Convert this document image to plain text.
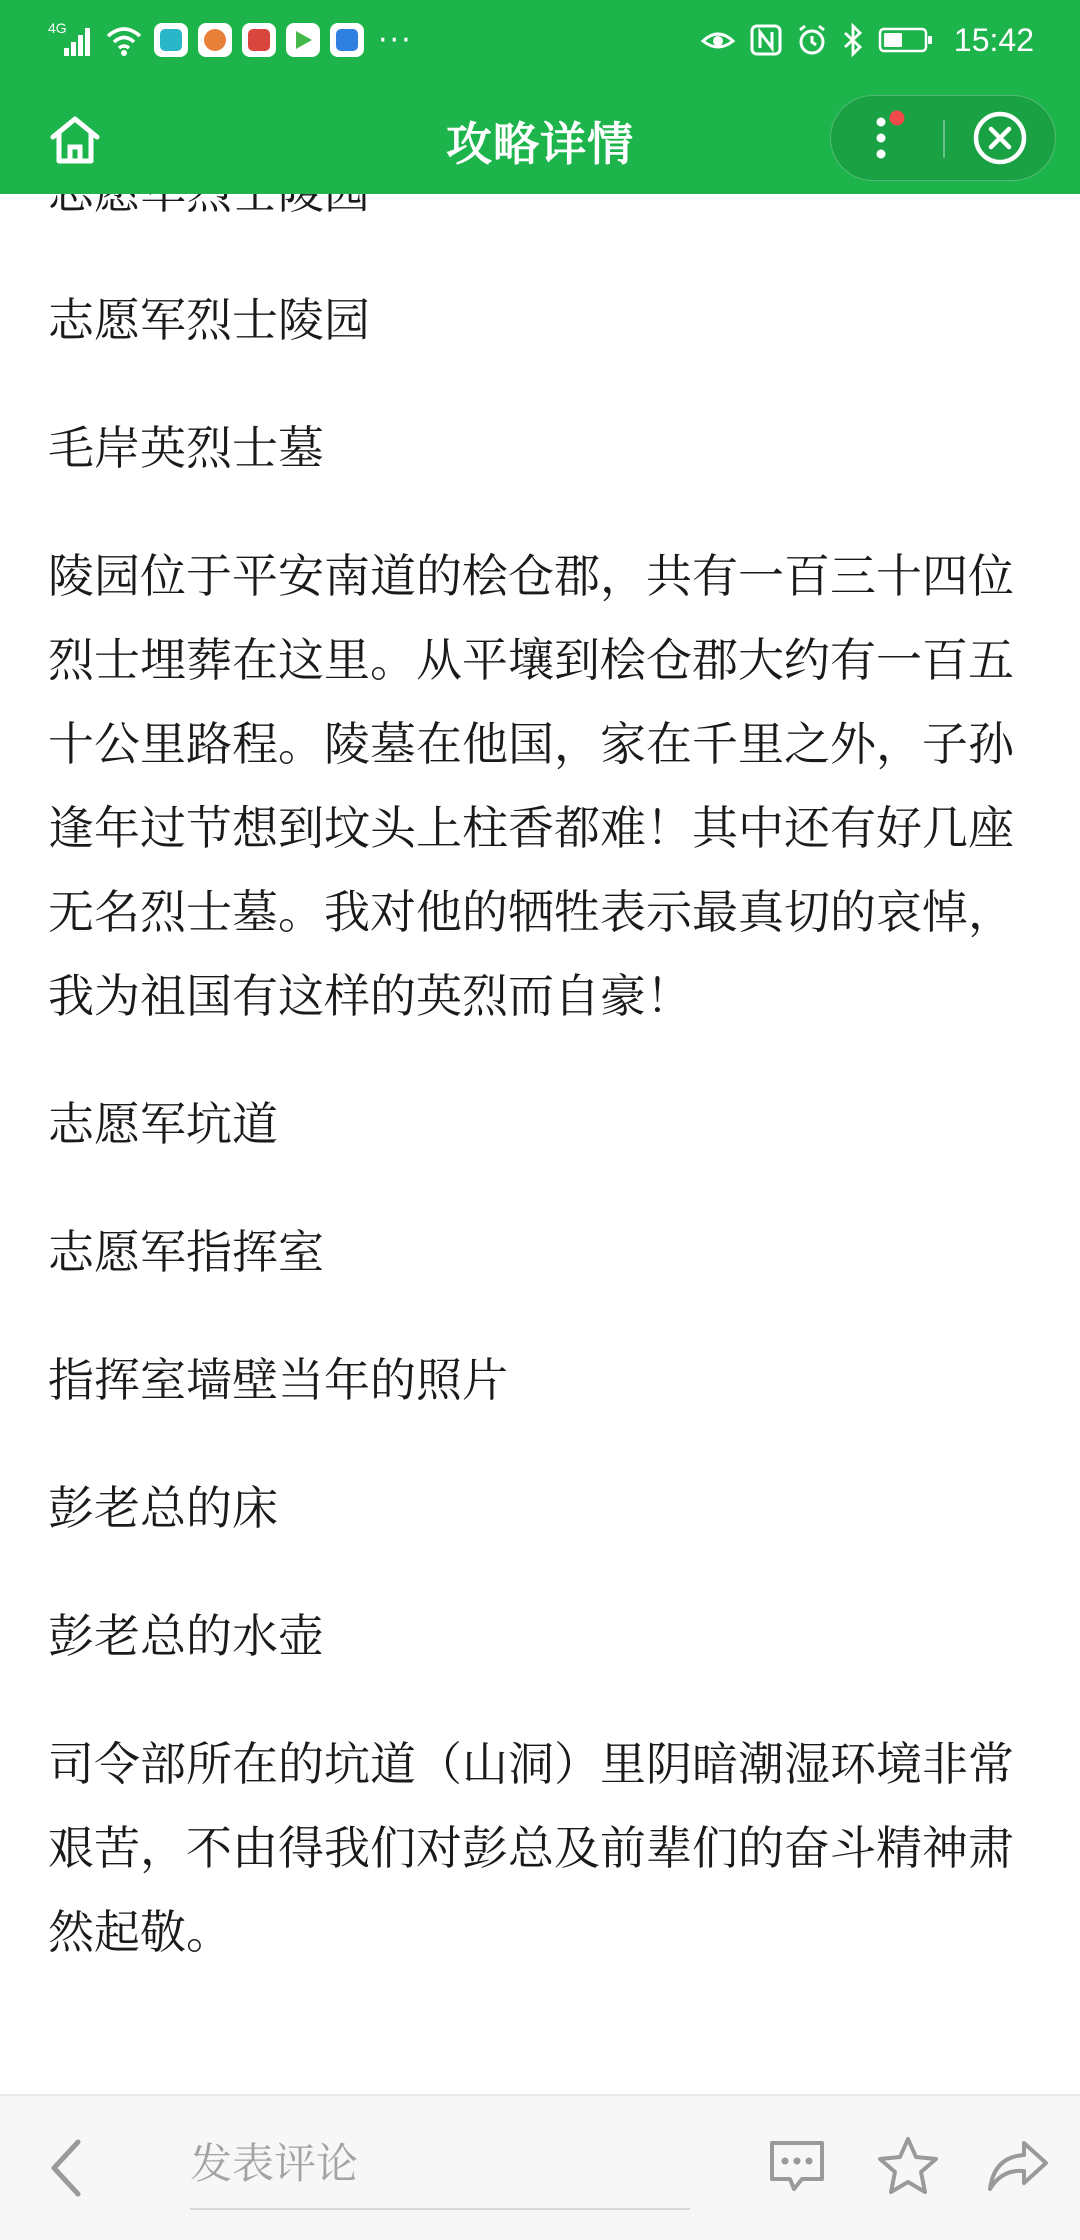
4G	···	15:42
攻略详情

志愿军烈士陵园

毛岸英烈士墓

陵园位于平安南道的桧仓郡，共有一百三十四位烈士埋葬在这里。从平壤到桧仓郡大约有一百五十公里路程。陵墓在他国，家在千里之外，子孙逢年过节想到坟头上柱香都难！其中还有好几座无名烈士墓。我对他的牺牲表示最真切的哀悼，我为祖国有这样的英烈而自豪！

志愿军坑道

志愿军指挥室

指挥室墙壁当年的照片

彭老总的床

彭老总的水壶

司令部所在的坑道（山洞）里阴暗潮湿环境非常艰苦，不由得我们对彭总及前辈们的奋斗精神肃然起敬。

发表评论
